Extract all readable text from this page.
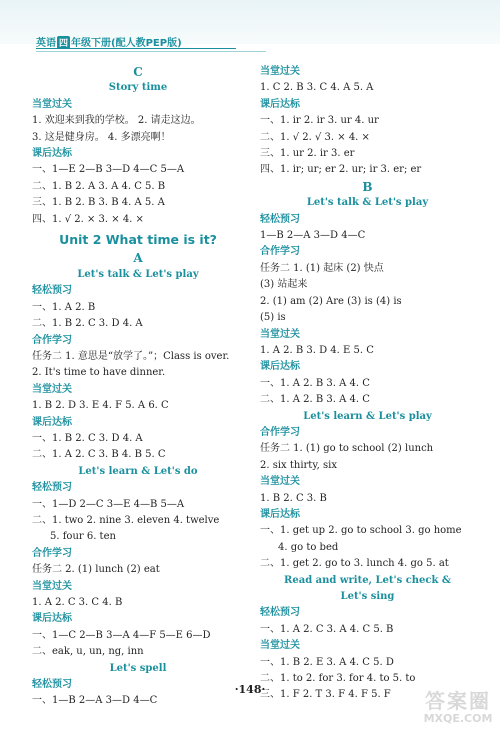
英语 四 年级下册(配人教PEP版)
C
Story time
当堂过关
1. 欢迎来到我的学校。 2. 请走这边。
3. 这是健身房。 4. 多漂亮啊！
课后达标
一、1—E 2—B 3—D 4—C 5—A
二、1. B 2. A 3. A 4. C 5. B
三、1. B 2. B 3. B 4. A 5. A
四、1. √ 2. × 3. × 4. ×
Unit 2 What time is it?
A
Let's talk & Let's play
轻松预习
一、1. A 2. B
二、1. B 2. C 3. D 4. A
合作学习
任务二 1. 意思是“放学了。”；Class is over.
2. It's time to have dinner.
当堂过关
1. B 2. D 3. E 4. F 5. A 6. C
课后达标
一、1. B 2. C 3. D 4. A
二、1. A 2. C 3. B 4. B 5. C
Let's learn & Let's do
轻松预习
一、1—D 2—C 3—E 4—B 5—A
二、1. two 2. nine 3. eleven 4. twelve
5. four 6. ten
合作学习
任务二 2. (1) lunch (2) eat
当堂过关
1. A 2. C 3. C 4. B
课后达标
一、1—C 2—B 3—A 4—F 5—E 6—D
二、eak, u, un, ng, inn
Let's spell
轻松预习
一、1—B 2—A 3—D 4—C
当堂过关
1. C 2. B 3. C 4. A 5. A
课后达标
一、1. ir 2. ir 3. ur 4. ur
二、1. √ 2. √ 3. × 4. ×
三、1. ur 2. ir 3. er
四、1. ir; ur; er 2. ur; ir 3. er; er
B
Let's talk & Let's play
轻松预习
1—B 2—A 3—D 4—C
合作学习
任务二 1. (1) 起床 (2) 快点
(3) 站起来
2. (1) am (2) Are (3) is (4) is
(5) is
当堂过关
1. A 2. B 3. D 4. E 5. C
课后达标
一、1. A 2. B 3. A 4. C
二、1. A 2. B 3. A 4. C
Let's learn & Let's play
合作学习
任务二 1. (1) go to school (2) lunch
2. six thirty, six
当堂过关
1. B 2. C 3. B
课后达标
一、1. get up 2. go to school 3. go home
4. go to bed
二、1. get 2. go to 3. lunch 4. go 5. at
Read and write, Let's check &
Let's sing
轻松预习
一、1. A 2. C 3. A 4. C 5. B
当堂过关
一、1. B 2. E 3. A 4. C 5. D
二、1. to 2. for 3. for 4. to 5. to
三、1. F 2. T 3. F 4. F 5. F
·148·	答案圈
MXQE.COM
